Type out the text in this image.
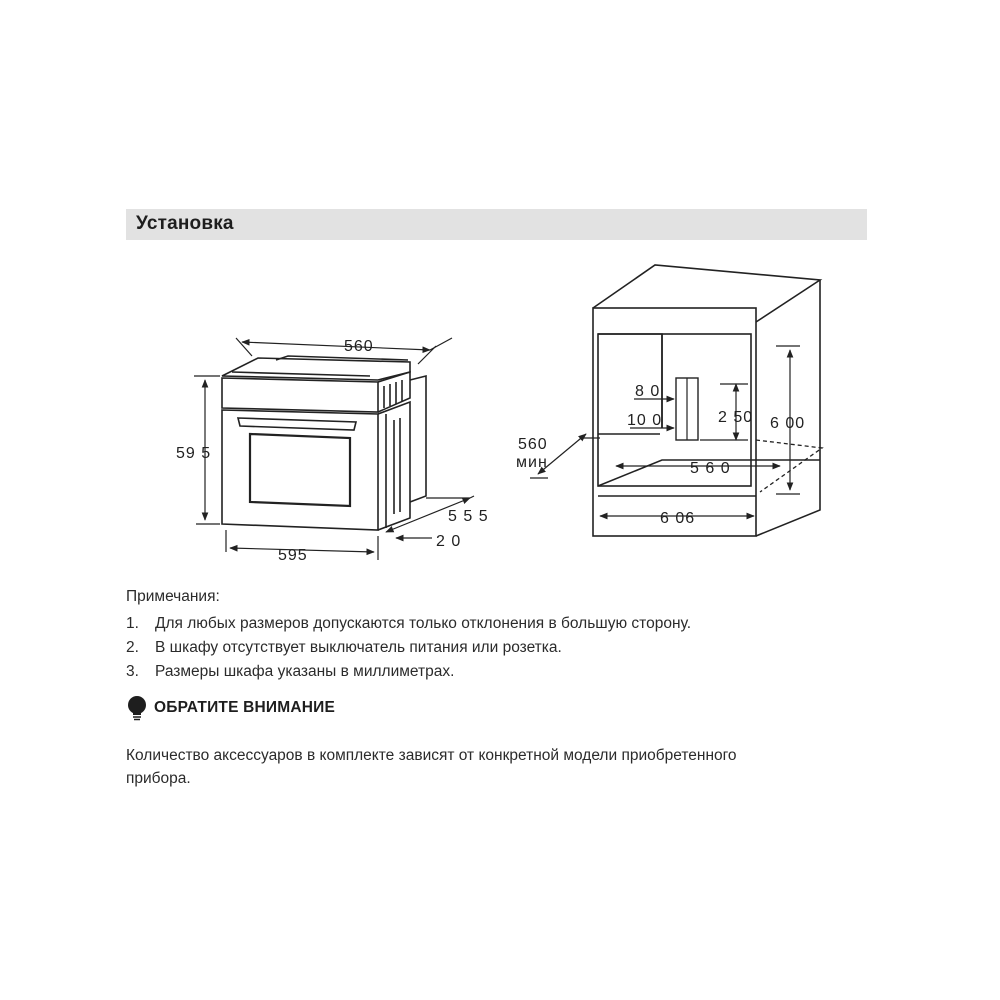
Установка
560
59 5
595
5 5 5
2 0
8 0
10 0	2 50 6 00
560
мин	5 6 0
6 06
Примечания:
1. Для любых размеров допускаются только отклонения в большую сторону.
2. В шкафу отсутствует выключатель питания или розетка.
3. Размеры шкафа указаны в миллиметрах.
ОБРАТИТЕ ВНИМАНИЕ
Количество аксессуаров в комплекте зависят от конкретной модели приобретенного прибора.
